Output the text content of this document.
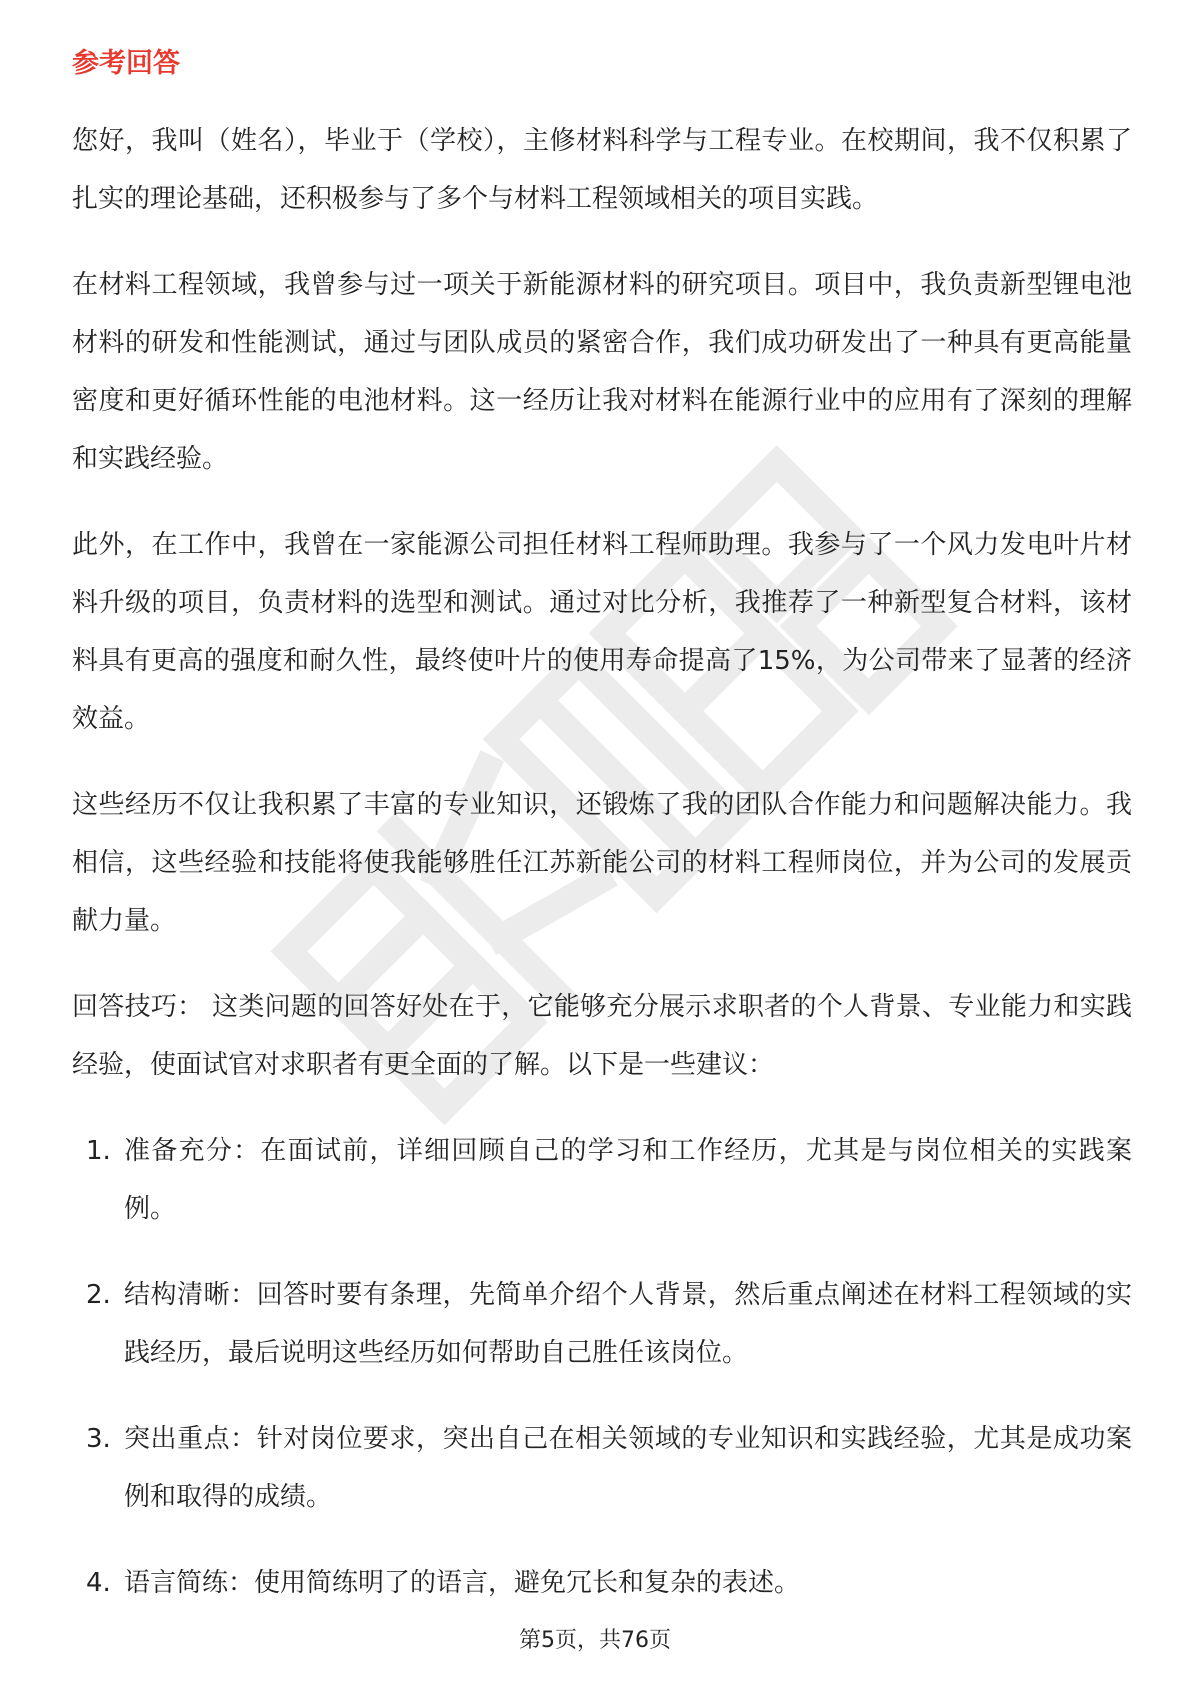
参考回答

您好，我叫（姓名），毕业于（学校），主修材料科学与工程专业。在校期间，我不仅积累了扎实的理论基础，还积极参与了多个与材料工程领域相关的项目实践。

在材料工程领域，我曾参与过一项关于新能源材料的研究项目。项目中，我负责新型锂电池材料的研发和性能测试，通过与团队成员的紧密合作，我们成功研发出了一种具有更高能量密度和更好循环性能的电池材料。这一经历让我对材料在能源行业中的应用有了深刻的理解和实践经验。

此外，在工作中，我曾在一家能源公司担任材料工程师助理。我参与了一个风力发电叶片材料升级的项目，负责材料的选型和测试。通过对比分析，我推荐了一种新型复合材料，该材料具有更高的强度和耐久性，最终使叶片的使用寿命提高了15%，为公司带来了显著的经济效益。

这些经历不仅让我积累了丰富的专业知识，还锻炼了我的团队合作能力和问题解决能力。我相信，这些经验和技能将使我能够胜任江苏新能公司的材料工程师岗位，并为公司的发展贡献力量。

回答技巧： 这类问题的回答好处在于，它能够充分展示求职者的个人背景、专业能力和实践经验，使面试官对求职者有更全面的了解。以下是一些建议：

1. 准备充分：在面试前，详细回顾自己的学习和工作经历，尤其是与岗位相关的实践案例。
2. 结构清晰：回答时要有条理，先简单介绍个人背景，然后重点阐述在材料工程领域的实践经历，最后说明这些经历如何帮助自己胜任该岗位。
3. 突出重点：针对岗位要求，突出自己在相关领域的专业知识和实践经验，尤其是成功案例和取得的成绩。
4. 语言简练：使用简练明了的语言，避免冗长和复杂的表述。
第5页，共76页
